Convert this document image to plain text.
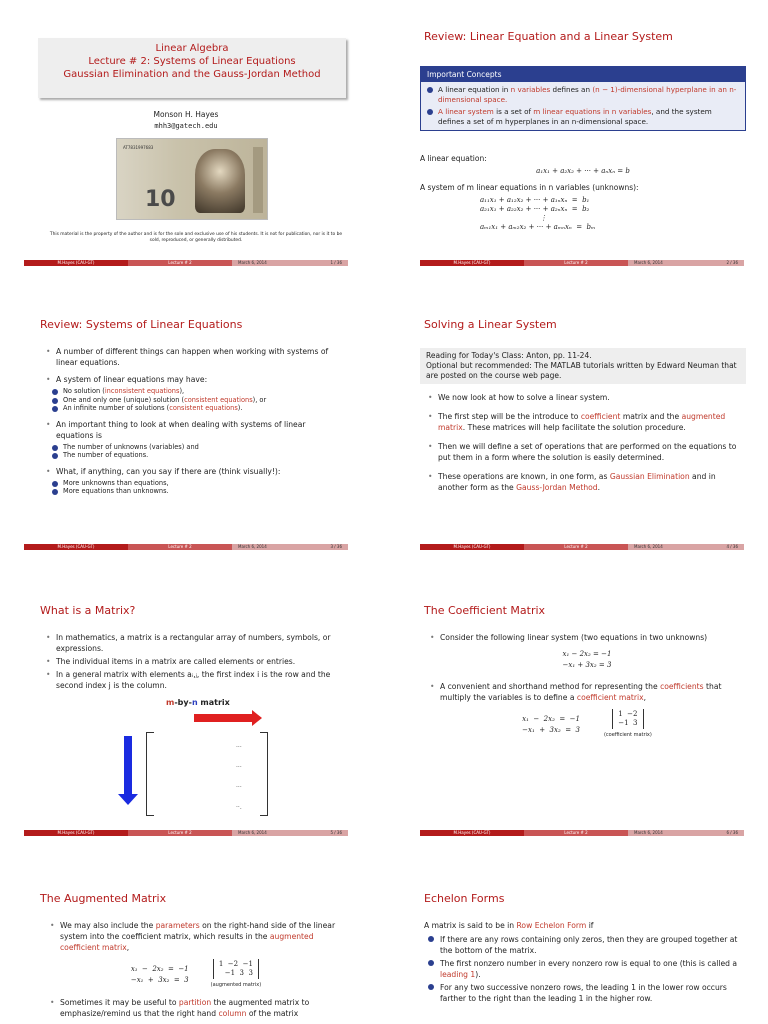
Linear Algebra
Lecture # 2: Systems of Linear Equations
Gaussian Elimination and the Gauss-Jordan Method
Monson H. Hayes
mhh3@gatech.edu
AT7831997683
10
This material is the property of the author and is for the sole and exclusive use of his students. It is not for publication, nor is it to be sold, reproduced, or generally distributed.
M.Hayes (CAU-GT)	Lecture # 2	March 6, 2014	1 / 36
Review: Linear Equation and a Linear System
Important Concepts
A linear equation in n variables defines an (n − 1)-dimensional hyperplane in an n-dimensional space.
A linear system is a set of m linear equations in n variables, and the system defines a set of m hyperplanes in an n-dimensional space.
A linear equation:
a₁x₁ + a₂x₂ + ··· + aₙxₙ = b
A system of m linear equations in n variables (unknowns):
a₁₁x₁ + a₁₂x₂ + ··· + a₁ₙxₙ  =  b₁
a₂₁x₁ + a₂₂x₂ + ··· + a₂ₙxₙ  =  b₂
⋮
aₘ₁x₁ + aₘ₂x₂ + ··· + aₘₙxₙ  =  bₘ
M.Hayes (CAU-GT)	Lecture # 2	March 6, 2014	2 / 36
Review: Systems of Linear Equations
• A number of different things can happen when working with systems of linear equations.
• A system of linear equations may have:
No solution (inconsistent equations),
One and only one (unique) solution (consistent equations), or
An infinite number of solutions (consistent equations).
• An important thing to look at when dealing with systems of linear equations is
The number of unknowns (variables) and
The number of equations.
• What, if anything, can you say if there are (think visually!):
More unknowns than equations,
More equations than unknowns.
M.Hayes (CAU-GT)	Lecture # 2	March 6, 2014	3 / 36
Solving a Linear System
Reading for Today's Class: Anton, pp. 11-24.
Optional but recommended: The MATLAB tutorials written by Edward Neuman that are posted on the course web page.
• We now look at how to solve a linear system.
• The first step will be the introduce to coefficient matrix and the augmented matrix. These matrices will help facilitate the solution procedure.
• Then we will define a set of operations that are performed on the equations to put them in a form where the solution is easily determined.
• These operations are known, in one form, as Gaussian Elimination and in another form as the Gauss-Jordan Method.
M.Hayes (CAU-GT)	Lecture # 2	March 6, 2014	4 / 36
What is a Matrix?
• In mathematics, a matrix is a rectangular array of numbers, symbols, or expressions.
• The individual items in a matrix are called elements or entries.
• In a general matrix with elements aᵢ,ⱼ, the first index i is the row and the second index j is the column.
m-by-n matrix
···
···
···
··.
M.Hayes (CAU-GT)	Lecture # 2	March 6, 2014	5 / 36
The Coefficient Matrix
• Consider the following linear system (two equations in two unknowns)
x₁ − 2x₂ = −1
−x₁ + 3x₂ = 3
• A convenient and shorthand method for representing the coefficients that multiply the variables is to define a coefficient matrix,
x₁  −  2x₂  =  −1
−x₁  +  3x₂  =  3
1  −2
−1  3
(coefficient matrix)
M.Hayes (CAU-GT)	Lecture # 2	March 6, 2014	6 / 36
The Augmented Matrix
• We may also include the parameters on the right-hand side of the linear system into the coefficient matrix, which results in the augmented coefficient matrix,
x₁  −  2x₂  =  −1
−x₁  +  3x₂  =  3
1  −2  −1
−1  3  3
(augmented matrix)
• Sometimes it may be useful to partition the augmented matrix to emphasize/remind us that the right hand column of the matrix
Echelon Forms
A matrix is said to be in Row Echelon Form if
If there are any rows containing only zeros, then they are grouped together at the bottom of the matrix.
The first nonzero number in every nonzero row is equal to one (this is called a leading 1).
For any two successive nonzero rows, the leading 1 in the lower row occurs farther to the right than the leading 1 in the higher row.
